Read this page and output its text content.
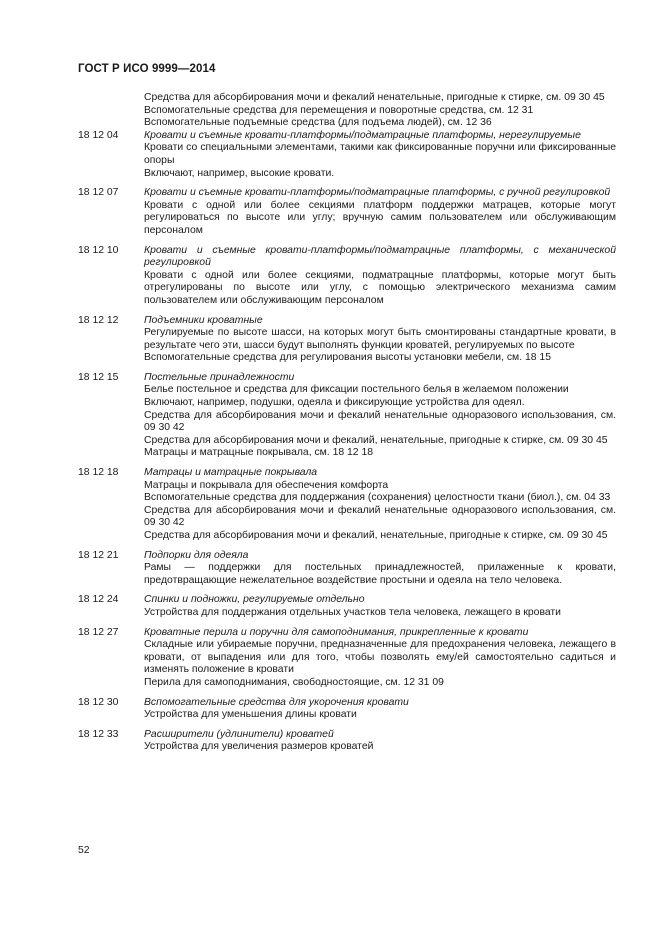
ГОСТ Р ИСО 9999—2014
Средства для абсорбирования мочи и фекалий ненательные, пригодные к стирке, см. 09 30 45
Вспомогательные средства для перемещения и поворотные средства, см. 12 31
Вспомогательные подъемные средства (для подъема людей), см. 12 36
18 12 04	Кровати и съемные кровати-платформы/подматрацные платформы, нерегулируемые
Кровати со специальными элементами, такими как фиксированные поручни или фиксированные опоры
Включают, например, высокие кровати.
18 12 07	Кровати и съемные кровати-платформы/подматрацные платформы, с ручной регулировкой
Кровати с одной или более секциями платформ поддержки матрацев, которые могут регулироваться по высоте или углу; вручную самим пользователем или обслуживающим персоналом
18 12 10	Кровати и съемные кровати-платформы/подматрацные платформы, с механической регулировкой
Кровати с одной или более секциями, подматрацные платформы, которые могут быть отрегулированы по высоте или углу, с помощью электрического механизма самим пользователем или обслуживающим персоналом
18 12 12	Подъемники кроватные
Регулируемые по высоте шасси, на которых могут быть смонтированы стандартные кровати, в результате чего эти, шасси будут выполнять функции кроватей, регулируемых по высоте
Вспомогательные средства для регулирования высоты установки мебели, см. 18 15
18 12 15	Постельные принадлежности
Белье постельное и средства для фиксации постельного белья в желаемом положении
Включают, например, подушки, одеяла и фиксирующие устройства для одеял.
Средства для абсорбирования мочи и фекалий ненательные одноразового использования, см. 09 30 42
Средства для абсорбирования мочи и фекалий, ненательные, пригодные к стирке, см. 09 30 45
Матрацы и матрацные покрывала, см. 18 12 18
18 12 18	Матрацы и матрацные покрывала
Матрацы и покрывала для обеспечения комфорта
Вспомогательные средства для поддержания (сохранения) целостности ткани (биол.), см. 04 33
Средства для абсорбирования мочи и фекалий ненательные одноразового использования, см. 09 30 42
Средства для абсорбирования мочи и фекалий, ненательные, пригодные к стирке, см. 09 30 45
18 12 21	Подпорки для одеяла
Рамы — поддержки для постельных принадлежностей, прилаженные к кровати, предотвращающие нежелательное воздействие простыни и одеяла на тело человека.
18 12 24	Спинки и подножки, регулируемые отдельно
Устройства для поддержания отдельных участков тела человека, лежащего в кровати
18 12 27	Кроватные перила и поручни для самоподнимания, прикрепленные к кровати
Складные или убираемые поручни, предназначенные для предохранения человека, лежащего в кровати, от выпадения или для того, чтобы позволять ему/ей самостоятельно садиться и изменять положение в кровати
Перила для самоподнимания, свободностоящие, см. 12 31 09
18 12 30	Вспомогательные средства для укорочения кровати
Устройства для уменьшения длины кровати
18 12 33	Расширители (удлинители) кроватей
Устройства для увеличения размеров кроватей
52
